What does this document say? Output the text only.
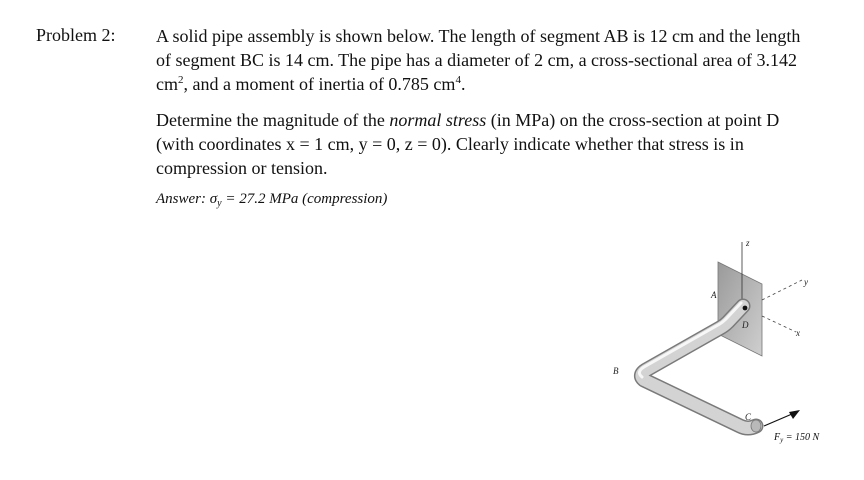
Problem 2: A solid pipe assembly is shown below. The length of segment AB is 12 cm and the length of segment BC is 14 cm. The pipe has a diameter of 2 cm, a cross-sectional area of 3.142 $cm^2$, and a moment of inertia of 0.785 $cm^4$.

Determine the magnitude of the normal stress (in MPa) on the cross-section at point D (with coordinates x = 1 cm, y = 0, z = 0). Clearly indicate whether that stress is in compression or tension.

Answer: $\sigma_y = 27.2$ MPa (compression)
z
y
x
A
D
B
C
$F_y = 150$ N
